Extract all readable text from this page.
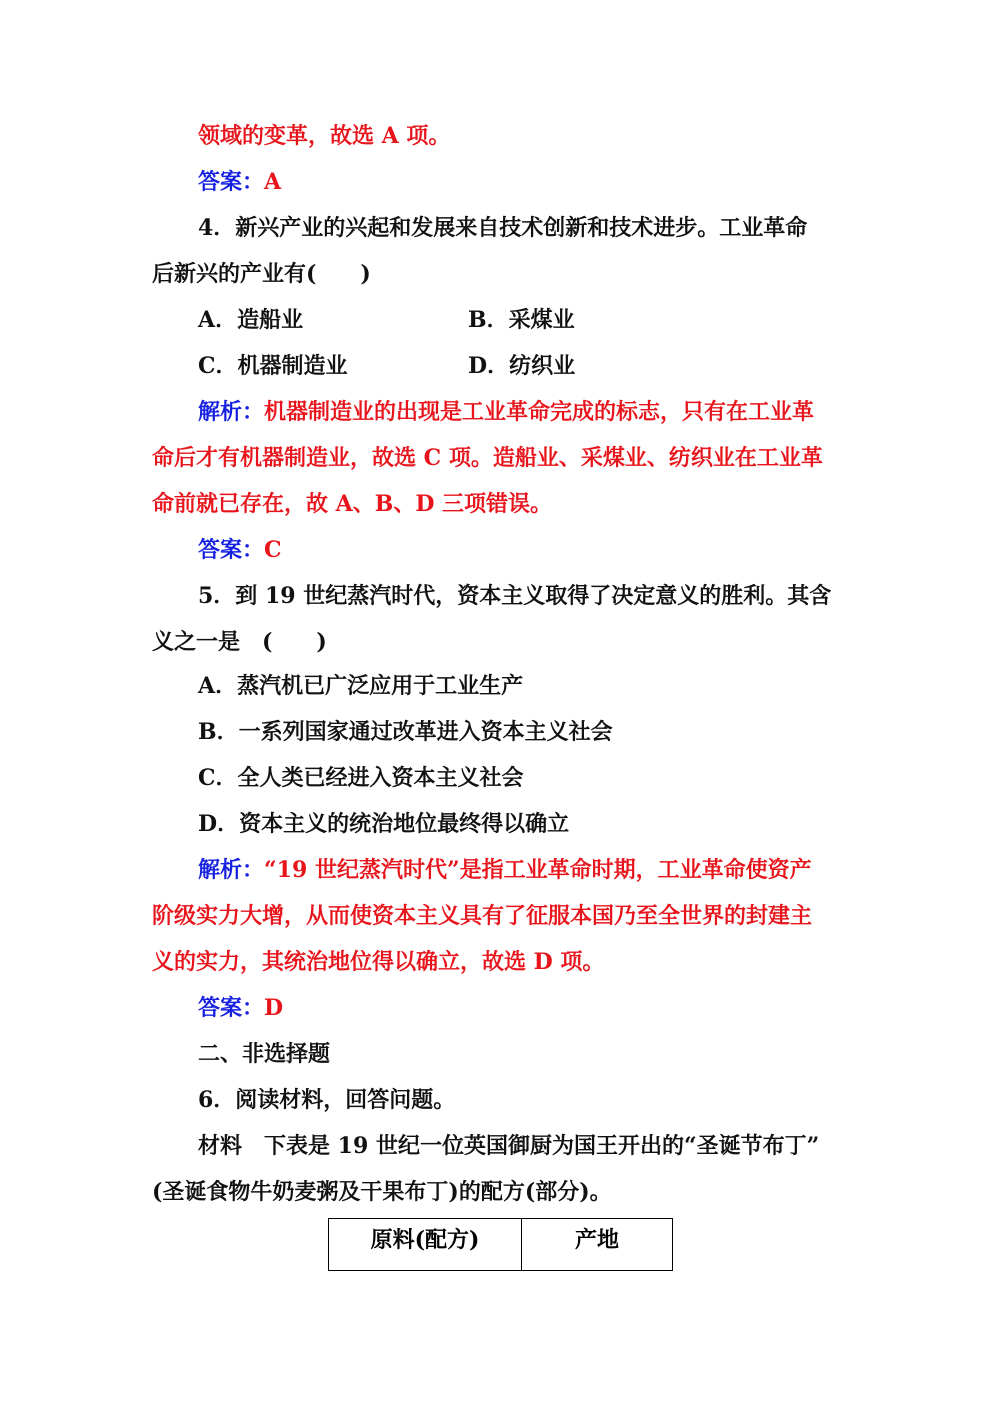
领域的变革，故选 A 项。
答案：A
4．新兴产业的兴起和发展来自技术创新和技术进步。工业革命
后新兴的产业有(　　)
A．造船业	B．采煤业
C．机器制造业	D．纺织业
解析：机器制造业的出现是工业革命完成的标志，只有在工业革
命后才有机器制造业，故选 C 项。造船业、采煤业、纺织业在工业革
命前就已存在，故 A、B、D 三项错误。
答案：C
5．到 19 世纪蒸汽时代，资本主义取得了决定意义的胜利。其含
义之一是　(　　)
A．蒸汽机已广泛应用于工业生产
B．一系列国家通过改革进入资本主义社会
C．全人类已经进入资本主义社会
D．资本主义的统治地位最终得以确立
解析：“19 世纪蒸汽时代”是指工业革命时期，工业革命使资产
阶级实力大增，从而使资本主义具有了征服本国乃至全世界的封建主
义的实力，其统治地位得以确立，故选 D 项。
答案：D
二、非选择题
6．阅读材料，回答问题。
材料　下表是 19 世纪一位英国御厨为国王开出的“圣诞节布丁”
(圣诞食物牛奶麦粥及干果布丁)的配方(部分)。
原料(配方)	产地
